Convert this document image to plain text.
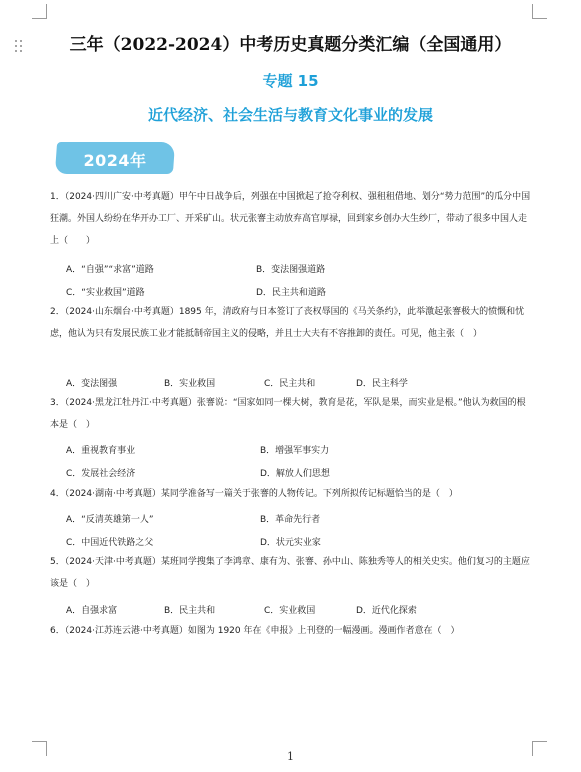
三年（2022-2024）中考历史真题分类汇编（全国通用）
专题 15
近代经济、社会生活与教育文化事业的发展
2024年
1．（2024·四川广安·中考真题）甲午中日战争后，列强在中国掀起了抢夺利权、强租租借地、划分“势力范围”的瓜分中国狂潮。外国人纷纷在华开办工厂、开采矿山。状元张謇主动放弃高官厚禄，回到家乡创办大生纱厂，带动了很多中国人走上（　　）
A．“自强”“求富”道路	B．变法图强道路
C．“实业救国”道路	D．民主共和道路
2．（2024·山东烟台·中考真题）1895 年，清政府与日本签订了丧权辱国的《马关条约》，此举激起张謇极大的愤慨和忧虑，他认为只有发展民族工业才能抵制帝国主义的侵略，并且士大夫有不容推卸的责任。可见，他主张（　）
A．变法图强	B．实业救国	C．民主共和	D．民主科学
3．（2024·黑龙江牡丹江·中考真题）张謇说：“国家如同一棵大树，教育是花，军队是果，而实业是根。”他认为救国的根本是（　）
A．重视教育事业	B．增强军事实力
C．发展社会经济	D．解放人们思想
4．（2024·湖南·中考真题）某同学准备写一篇关于张謇的人物传记。下列所拟传记标题恰当的是（　）
A．“反清英雄第一人”	B．革命先行者
C．中国近代铁路之父	D．状元实业家
5．（2024·天津·中考真题）某班同学搜集了李鸿章、康有为、张謇、孙中山、陈独秀等人的相关史实。他们复习的主题应该是（　）
A．自强求富	B．民主共和	C．实业救国	D．近代化探索
6．（2024·江苏连云港·中考真题）如图为 1920 年在《申报》上刊登的一幅漫画。漫画作者意在（　）
1
